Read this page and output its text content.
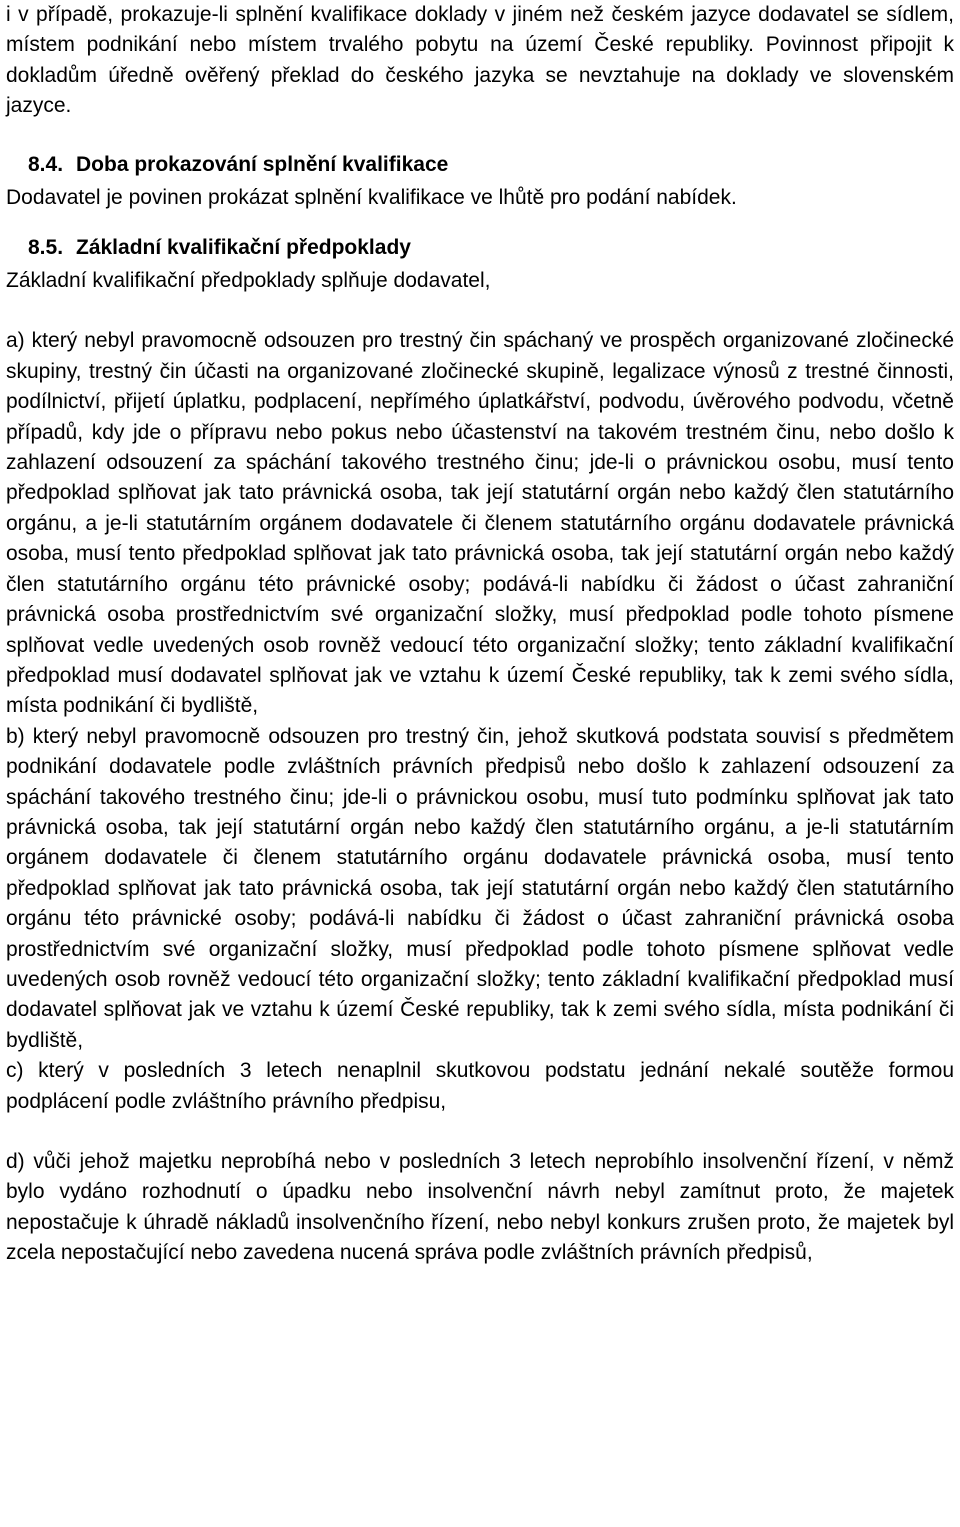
i v případě, prokazuje-li splnění kvalifikace doklady v jiném než českém jazyce dodavatel se sídlem, místem podnikání nebo místem trvalého pobytu na území České republiky. Povinnost připojit k dokladům úředně ověřený překlad do českého jazyka se nevztahuje na doklady ve slovenském jazyce.

8.4. Doba prokazování splnění kvalifikace

Dodavatel je povinen prokázat splnění kvalifikace ve lhůtě pro podání nabídek.

8.5. Základní kvalifikační předpoklady

Základní kvalifikační předpoklady splňuje dodavatel,

a) který nebyl pravomocně odsouzen pro trestný čin spáchaný ve prospěch organizované zločinecké skupiny, trestný čin účasti na organizované zločinecké skupině, legalizace výnosů z trestné činnosti, podílnictví, přijetí úplatku, podplacení, nepřímého úplatkářství, podvodu, úvěrového podvodu, včetně případů, kdy jde o přípravu nebo pokus nebo účastenství na takovém trestném činu, nebo došlo k zahlazení odsouzení za spáchání takového trestného činu; jde-li o právnickou osobu, musí tento předpoklad splňovat jak tato právnická osoba, tak její statutární orgán nebo každý člen statutárního orgánu, a je-li statutárním orgánem dodavatele či členem statutárního orgánu dodavatele právnická osoba, musí tento předpoklad splňovat jak tato právnická osoba, tak její statutární orgán nebo každý člen statutárního orgánu této právnické osoby; podává-li nabídku či žádost o účast zahraniční právnická osoba prostřednictvím své organizační složky, musí předpoklad podle tohoto písmene splňovat vedle uvedených osob rovněž vedoucí této organizační složky; tento základní kvalifikační předpoklad musí dodavatel splňovat jak ve vztahu k území České republiky, tak k zemi svého sídla, místa podnikání či bydliště,

b) který nebyl pravomocně odsouzen pro trestný čin, jehož skutková podstata souvisí s předmětem podnikání dodavatele podle zvláštních právních předpisů nebo došlo k zahlazení odsouzení za spáchání takového trestného činu; jde-li o právnickou osobu, musí tuto podmínku splňovat jak tato právnická osoba, tak její statutární orgán nebo každý člen statutárního orgánu, a je-li statutárním orgánem dodavatele či členem statutárního orgánu dodavatele právnická osoba, musí tento předpoklad splňovat jak tato právnická osoba, tak její statutární orgán nebo každý člen statutárního orgánu této právnické osoby; podává-li nabídku či žádost o účast zahraniční právnická osoba prostřednictvím své organizační složky, musí předpoklad podle tohoto písmene splňovat vedle uvedených osob rovněž vedoucí této organizační složky; tento základní kvalifikační předpoklad musí dodavatel splňovat jak ve vztahu k území České republiky, tak k zemi svého sídla, místa podnikání či bydliště,

c) který v posledních 3 letech nenaplnil skutkovou podstatu jednání nekalé soutěže formou podplácení podle zvláštního právního předpisu,

d) vůči jehož majetku neprobíhá nebo v posledních 3 letech neprobíhlo insolvenční řízení, v němž bylo vydáno rozhodnutí o úpadku nebo insolvenční návrh nebyl zamítnut proto, že majetek nepostačuje k úhradě nákladů insolvenčního řízení, nebo nebyl konkurs zrušen proto, že majetek byl zcela nepostačující nebo zavedena nucená správa podle zvláštních právních předpisů,
